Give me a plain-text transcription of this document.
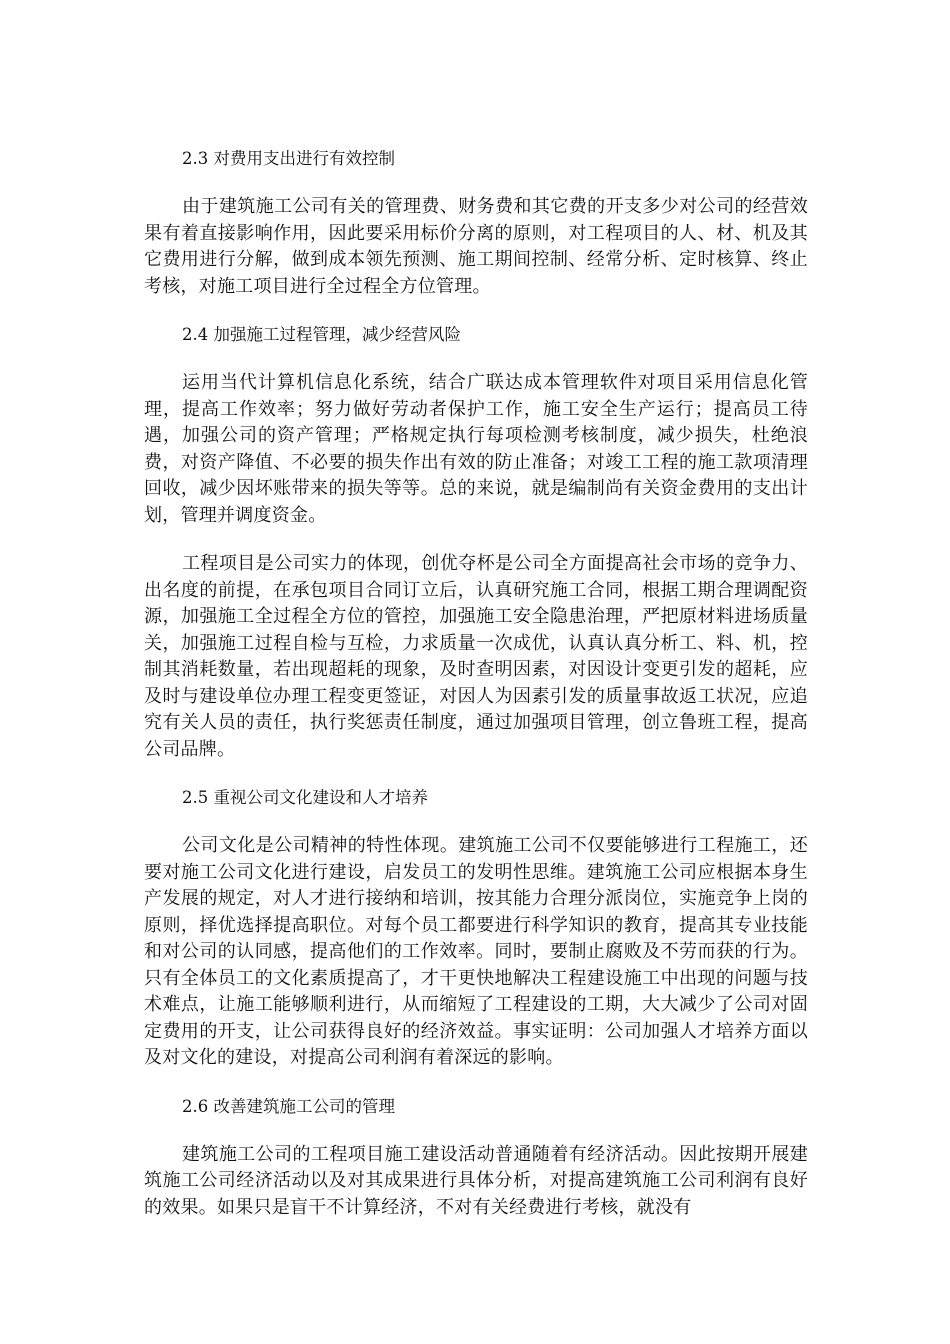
2.3 对费用支出进行有效控制

由于建筑施工公司有关的管理费、财务费和其它费的开支多少对公司的经营效果有着直接影响作用，因此要采用标价分离的原则，对工程项目的人、材、机及其它费用进行分解，做到成本领先预测、施工期间控制、经常分析、定时核算、终止考核，对施工项目进行全过程全方位管理。

2.4 加强施工过程管理，减少经营风险

运用当代计算机信息化系统，结合广联达成本管理软件对项目采用信息化管理，提高工作效率；努力做好劳动者保护工作，施工安全生产运行；提高员工待遇，加强公司的资产管理；严格规定执行每项检测考核制度，减少损失，杜绝浪费，对资产降值、不必要的损失作出有效的防止准备；对竣工工程的施工款项清理回收，减少因坏账带来的损失等等。总的来说，就是编制尚有关资金费用的支出计划，管理并调度资金。

工程项目是公司实力的体现，创优夺杯是公司全方面提高社会市场的竞争力、出名度的前提，在承包项目合同订立后，认真研究施工合同，根据工期合理调配资源，加强施工全过程全方位的管控，加强施工安全隐患治理，严把原材料进场质量关，加强施工过程自检与互检，力求质量一次成优，认真认真分析工、料、机，控制其消耗数量，若出现超耗的现象，及时查明因素，对因设计变更引发的超耗，应及时与建设单位办理工程变更签证，对因人为因素引发的质量事故返工状况，应追究有关人员的责任，执行奖惩责任制度，通过加强项目管理，创立鲁班工程，提高公司品牌。

2.5 重视公司文化建设和人才培养

公司文化是公司精神的特性体现。建筑施工公司不仅要能够进行工程施工，还要对施工公司文化进行建设，启发员工的发明性思维。建筑施工公司应根据本身生产发展的规定，对人才进行接纳和培训，按其能力合理分派岗位，实施竞争上岗的原则，择优选择提高职位。对每个员工都要进行科学知识的教育，提高其专业技能和对公司的认同感，提高他们的工作效率。同时，要制止腐败及不劳而获的行为。只有全体员工的文化素质提高了，才干更快地解决工程建设施工中出现的问题与技术难点，让施工能够顺利进行，从而缩短了工程建设的工期，大大减少了公司对固定费用的开支，让公司获得良好的经济效益。事实证明：公司加强人才培养方面以及对文化的建设，对提高公司利润有着深远的影响。

2.6 改善建筑施工公司的管理

建筑施工公司的工程项目施工建设活动普通随着有经济活动。因此按期开展建筑施工公司经济活动以及对其成果进行具体分析，对提高建筑施工公司利润有良好的效果。如果只是盲干不计算经济，不对有关经费进行考核，就没有
